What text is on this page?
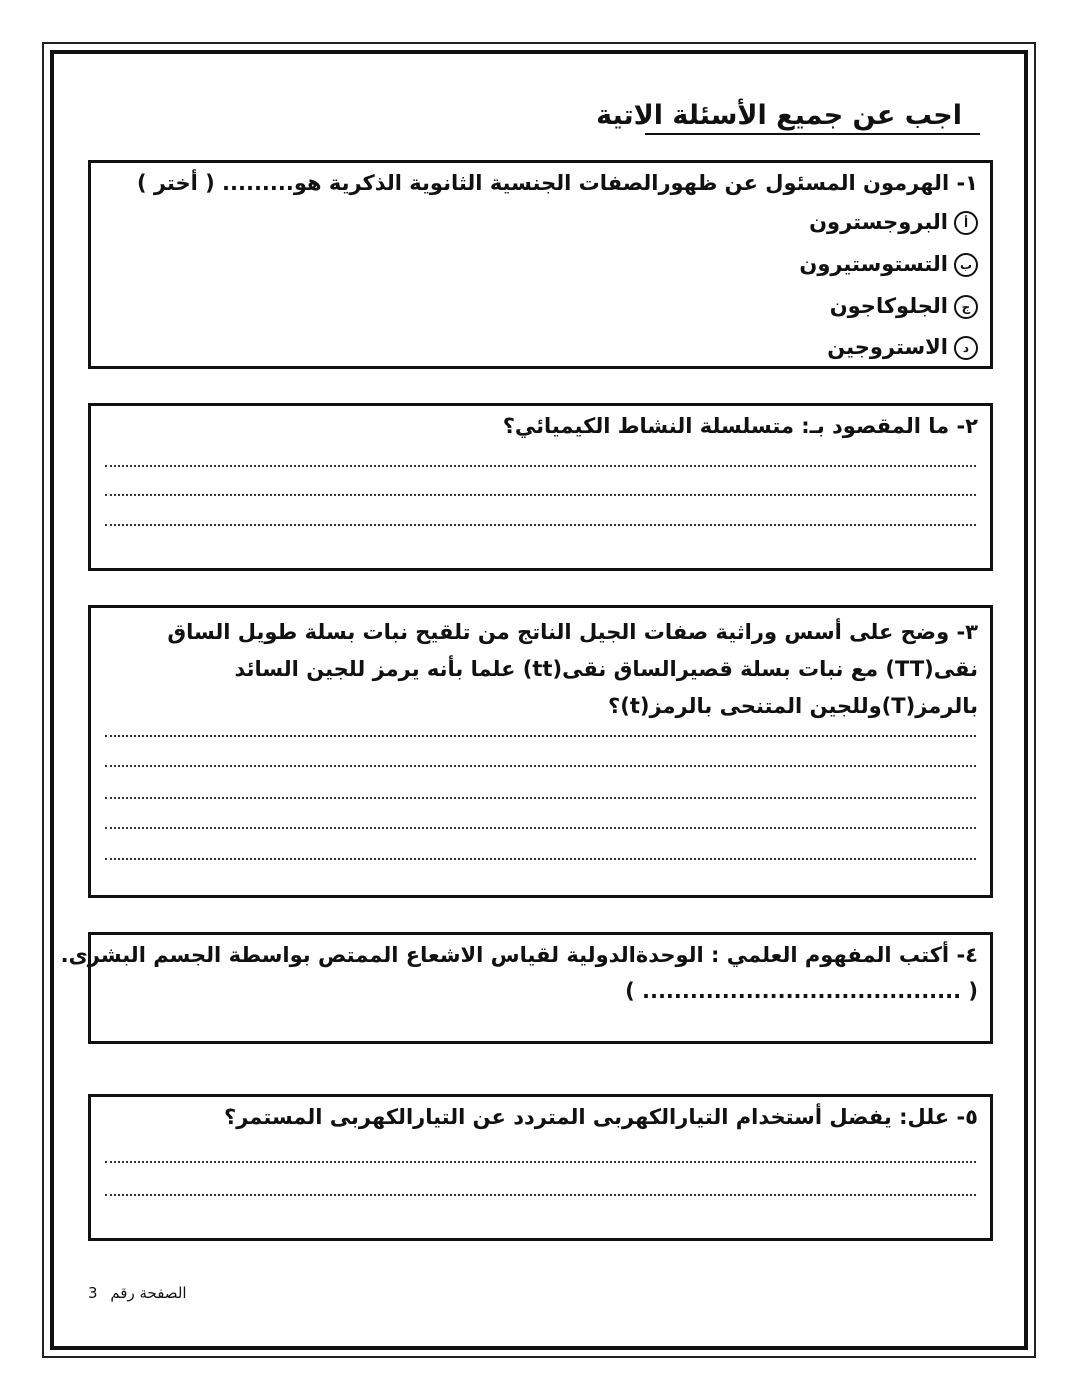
اجب عن جميع الأسئلة الاتية
١- الهرمون المسئول عن ظهورالصفات الجنسية الثانوية الذكرية هو......... ( أختر )
أالبروجسترون
بالتستوستيرون
جالجلوكاجون
دالاستروجين
٢- ما المقصود بـ: متسلسلة النشاط الكيميائي؟
٣- وضح على أسس وراثية صفات الجيل الناتج من تلقيح نبات بسلة طويل الساق نقى(TT) مع نبات بسلة قصيرالساق نقى(tt) علما بأنه يرمز للجين السائد بالرمز(T)وللجين المتنحى بالرمز(t)؟
٤- أكتب المفهوم العلمي : الوحدةالدولية لقياس الاشعاع الممتص بواسطة الجسم البشرى.
( ........................................ )
٥- علل: يفضل أستخدام التيارالكهربى المتردد عن التيارالكهربى المستمر؟
3 الصفحة رقم
